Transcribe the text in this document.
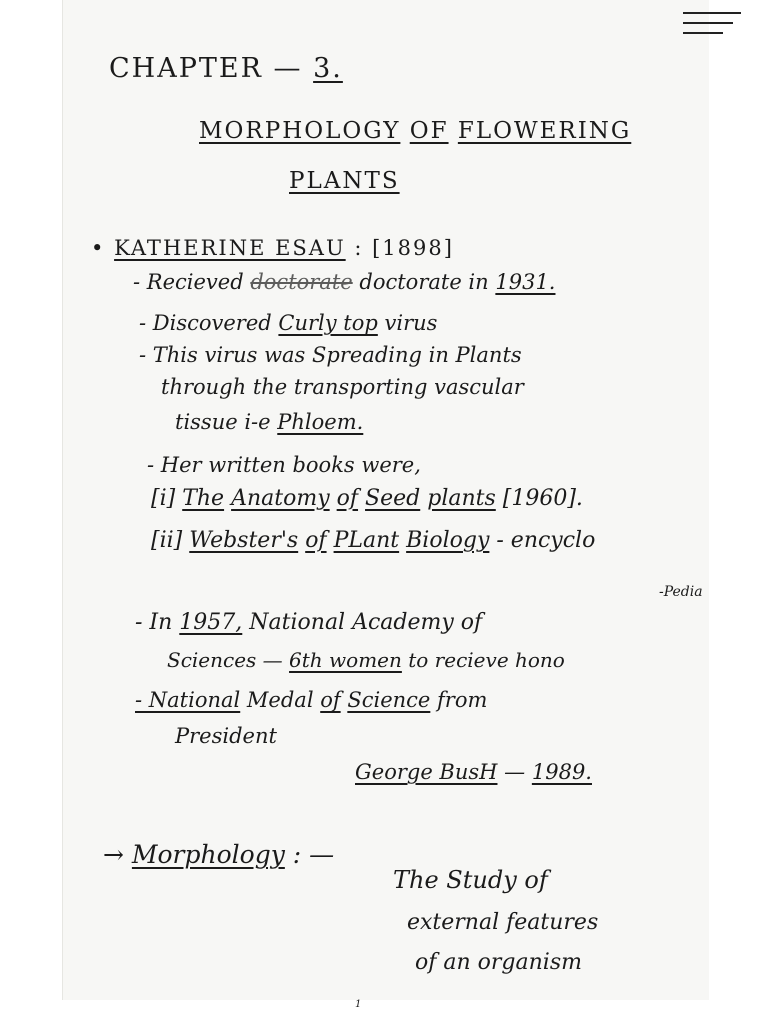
CHAPTER — 3.
MORPHOLOGY OF FLOWERING
PLANTS
• KATHERINE ESAU : [1898]
- Recieved doctorate doctorate in 1931.
- Discovered Curly top virus
- This virus was Spreading in Plants
through the transporting vascular
tissue i-e Phloem.
- Her written books were,
[i] The Anatomy of Seed plants [1960].
[ii] Webster's of PLant Biology - encyclo
-Pedia
- In 1957, National Academy of
Sciences — 6th women to recieve hono
- National Medal of Science from
President
George BusH — 1989.
→ Morphology : —
The Study of
external features
of an organism
1
